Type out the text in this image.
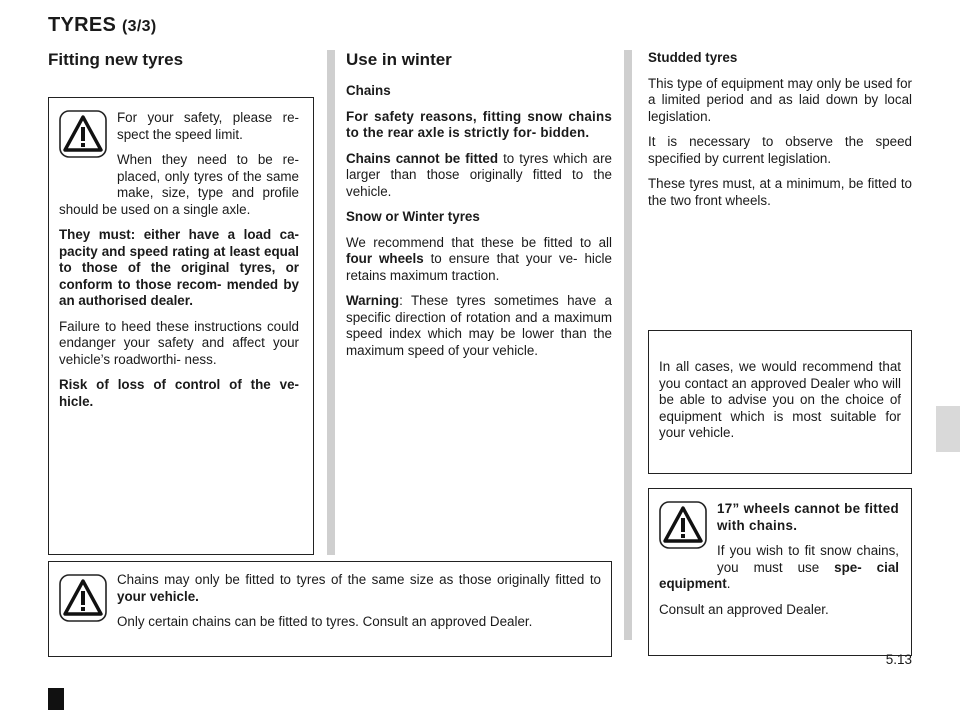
TYRES (3/3)
Fitting new tyres

For your safety, please re- spect the speed limit.

When they need to be re- placed, only tyres of the same make, size, type and profile should be used on a single axle.

They must: either have a load ca- pacity and speed rating at least equal to those of the original tyres, or conform to those recom- mended by an authorised dealer.

Failure to heed these instructions could endanger your safety and affect your vehicle’s roadworthi- ness.

Risk of loss of control of the ve- hicle.

Use in winter

Chains

For safety reasons, fitting snow chains to the rear axle is strictly for- bidden.

Chains cannot be fitted to tyres which are larger than those originally fitted to the vehicle.

Snow or Winter tyres

We recommend that these be fitted to all four wheels to ensure that your ve- hicle retains maximum traction.

Warning: These tyres sometimes have a specific direction of rotation and a maximum speed index which may be lower than the maximum speed of your vehicle.

Studded tyres

This type of equipment may only be used for a limited period and as laid down by local legislation.

It is necessary to observe the speed specified by current legislation.

These tyres must, at a minimum, be fitted to the two front wheels.

In all cases, we would recommend that you contact an approved Dealer who will be able to advise you on the choice of equipment which is most suitable for your vehicle.

17” wheels cannot be fitted with chains.

If you wish to fit snow chains, you must use spe- cial equipment.

Consult an approved Dealer.

Chains may only be fitted to tyres of the same size as those originally fitted to your vehicle.

Only certain chains can be fitted to tyres. Consult an approved Dealer.

5.13
